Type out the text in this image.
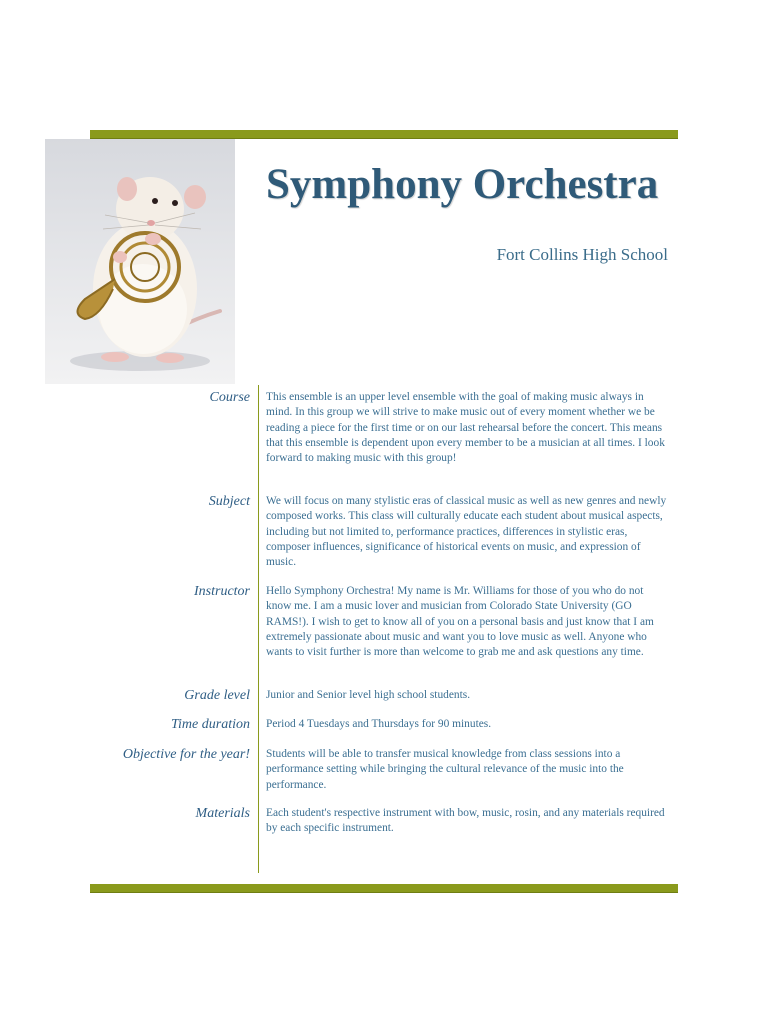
Symphony Orchestra
Fort Collins High School
Course This ensemble is an upper level ensemble with the goal of making music always in mind. In this group we will strive to make music out of every moment whether we be reading a piece for the first time or on our last rehearsal before the concert. This means that this ensemble is dependent upon every member to be a musician at all times. I look forward to making music with this group!
Subject We will focus on many stylistic eras of classical music as well as new genres and newly composed works. This class will culturally educate each student about musical aspects, including but not limited to, performance practices, differences in stylistic eras, composer influences, significance of historical events on music, and expression of music.
Instructor Hello Symphony Orchestra! My name is Mr. Williams for those of you who do not know me. I am a music lover and musician from Colorado State University (GO RAMS!). I wish to get to know all of you on a personal basis and just know that I am extremely passionate about music and want you to love music as well. Anyone who wants to visit further is more than welcome to grab me and ask questions any time.
Grade level Junior and Senior level high school students.
Time duration Period 4 Tuesdays and Thursdays for 90 minutes.
Objective for the year! Students will be able to transfer musical knowledge from class sessions into a performance setting while bringing the cultural relevance of the music into the performance.
Materials Each student's respective instrument with bow, music, rosin, and any materials required by each specific instrument.
